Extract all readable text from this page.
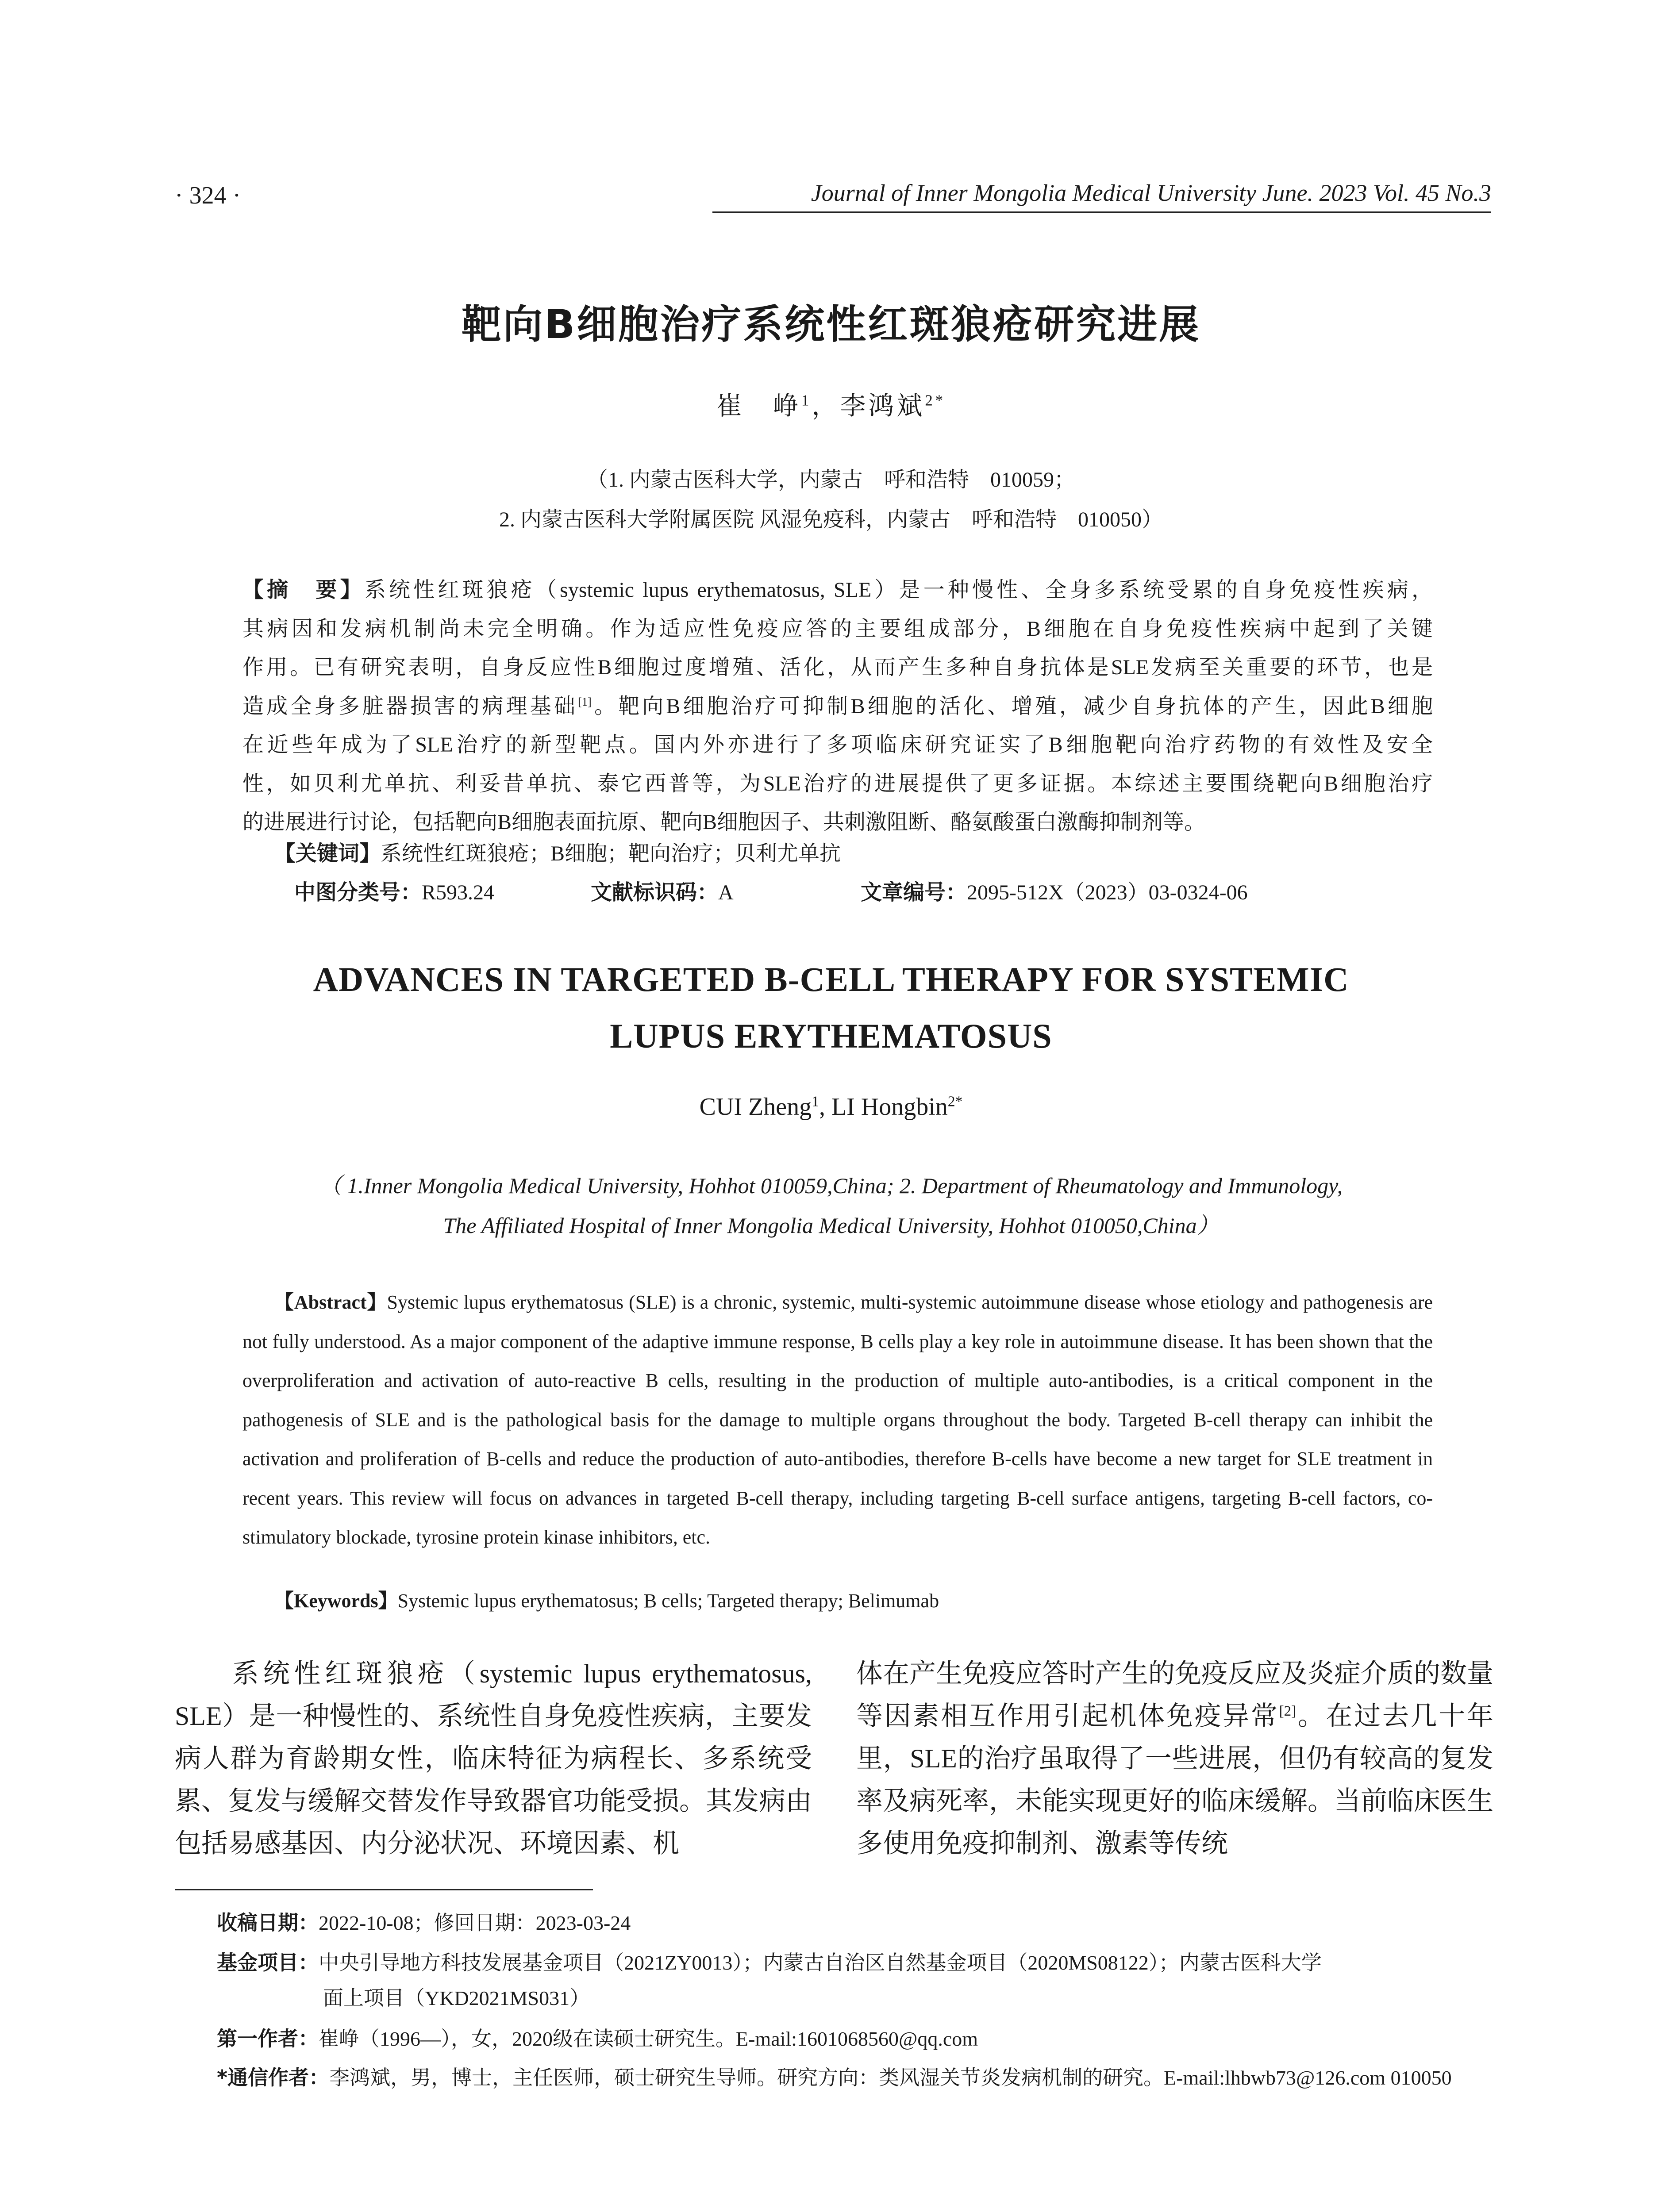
· 324 ·	Journal of Inner Mongolia Medical University June. 2023 Vol. 45 No.3
靶向B细胞治疗系统性红斑狼疮研究进展
崔　峥$^1$，李鸿斌$^{2*}$
（1. 内蒙古医科大学，内蒙古　呼和浩特　010059；
2. 内蒙古医科大学附属医院 风湿免疫科，内蒙古　呼和浩特　010050）
【摘　要】系统性红斑狼疮（systemic lupus erythematosus, SLE）是一种慢性、全身多系统受累的自身免疫性疾病，
其病因和发病机制尚未完全明确。作为适应性免疫应答的主要组成部分，B细胞在自身免疫性疾病中起到了关键
作用。已有研究表明，自身反应性B细胞过度增殖、活化，从而产生多种自身抗体是SLE发病至关重要的环节，也是
造成全身多脏器损害的病理基础[1]。靶向B细胞治疗可抑制B细胞的活化、增殖，减少自身抗体的产生，因此B细胞
在近些年成为了SLE治疗的新型靶点。国内外亦进行了多项临床研究证实了B细胞靶向治疗药物的有效性及安全
性，如贝利尤单抗、利妥昔单抗、泰它西普等，为SLE治疗的进展提供了更多证据。本综述主要围绕靶向B细胞治疗
的进展进行讨论，包括靶向B细胞表面抗原、靶向B细胞因子、共刺激阻断、酪氨酸蛋白激酶抑制剂等。
【关键词】系统性红斑狼疮；B细胞；靶向治疗；贝利尤单抗
中图分类号：R593.24	文献标识码：A	文章编号：2095-512X（2023）03-0324-06
ADVANCES IN TARGETED B-CELL THERAPY FOR SYSTEMIC
LUPUS ERYTHEMATOSUS
CUI Zheng$^1$, LI Hongbin$^{2*}$
（ 1.Inner Mongolia Medical University, Hohhot 010059,China; 2. Department of Rheumatology and Immunology,
The Affiliated Hospital of Inner Mongolia Medical University, Hohhot 010050,China）
【Abstract】Systemic lupus erythematosus (SLE) is a chronic, systemic, multi-systemic autoimmune disease whose etiology and pathogenesis are not fully understood. As a major component of the adaptive immune response, B cells play a key role in autoimmune disease. It has been shown that the overproliferation and activation of auto-reactive B cells, resulting in the production of multiple auto-antibodies, is a critical component in the pathogenesis of SLE and is the pathological basis for the damage to multiple organs throughout the body. Targeted B-cell therapy can inhibit the activation and proliferation of B-cells and reduce the production of auto-antibodies, therefore B-cells have become a new target for SLE treatment in recent years. This review will focus on advances in targeted B-cell therapy, including targeting B-cell surface antigens, targeting B-cell factors, co-stimulatory blockade, tyrosine protein kinase inhibitors, etc.
【Keywords】Systemic lupus erythematosus; B cells; Targeted therapy; Belimumab
系统性红斑狼疮（systemic lupus erythematosus, SLE）是一种慢性的、系统性自身免疫性疾病，主要发病人群为育龄期女性，临床特征为病程长、多系统受累、复发与缓解交替发作导致器官功能受损。其发病由包括易感基因、内分泌状况、环境因素、机
体在产生免疫应答时产生的免疫反应及炎症介质的数量等因素相互作用引起机体免疫异常[2]。在过去几十年里，SLE的治疗虽取得了一些进展，但仍有较高的复发率及病死率，未能实现更好的临床缓解。当前临床医生多使用免疫抑制剂、激素等传统
收稿日期：2022-10-08；修回日期：2023-03-24
基金项目：中央引导地方科技发展基金项目（2021ZY0013）；内蒙古自治区自然基金项目（2020MS08122）；内蒙古医科大学
面上项目（YKD2021MS031）
第一作者：崔峥（1996—），女，2020级在读硕士研究生。E-mail:1601068560@qq.com
*通信作者：李鸿斌，男，博士，主任医师，硕士研究生导师。研究方向：类风湿关节炎发病机制的研究。E-mail:lhbwb73@126.com 010050
